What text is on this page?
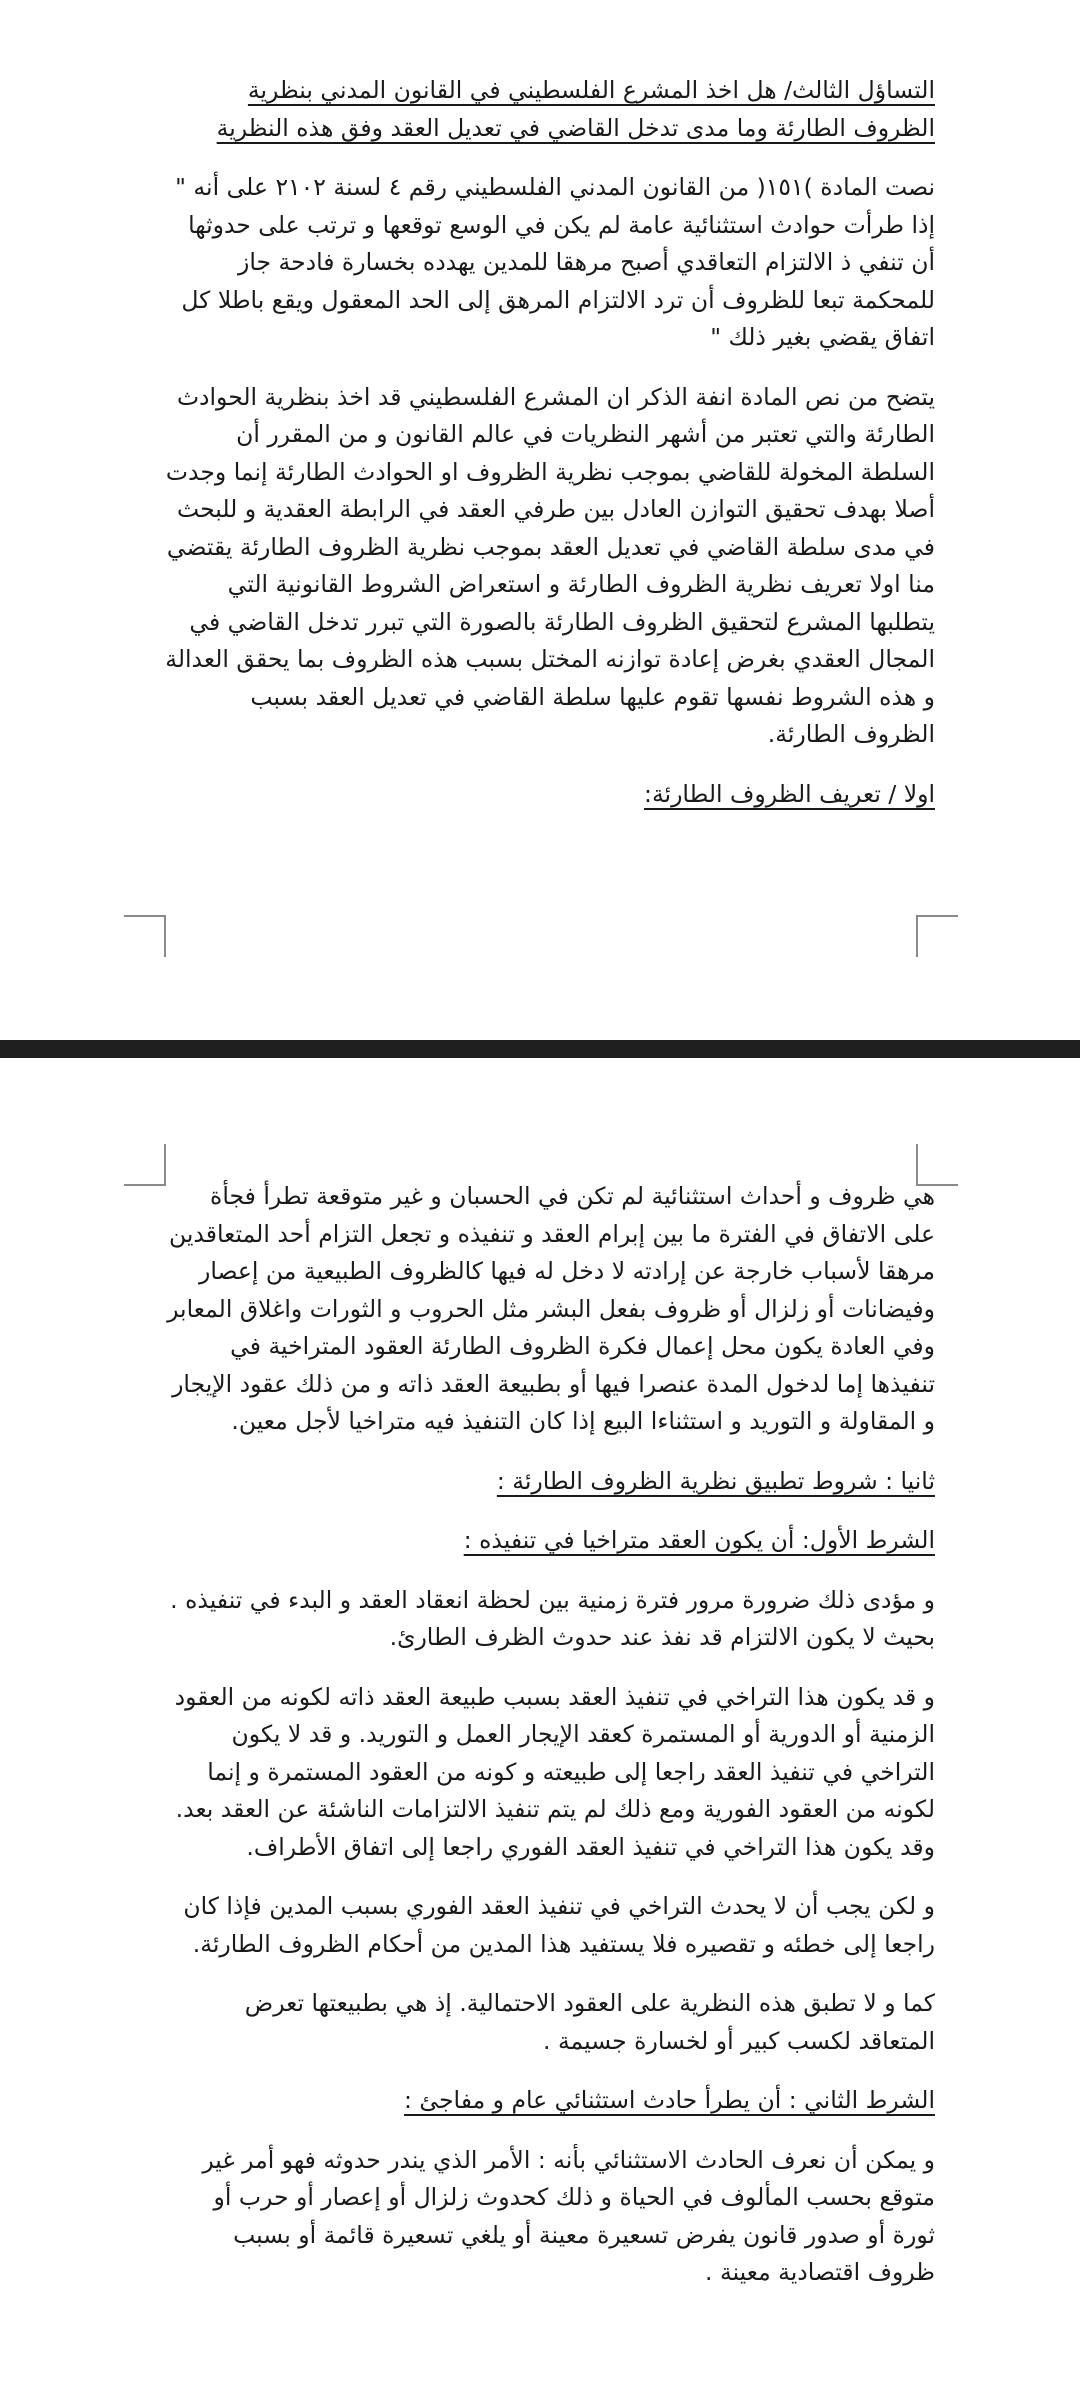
التساؤل الثالث/ هل اخذ المشرع الفلسطيني في القانون المدني بنظرية الظروف الطارئة وما مدى تدخل القاضي في تعديل العقد وفق هذه النظرية

نصت المادة )١٥١( من القانون المدني الفلسطيني رقم ٤ لسنة ٢١٠٢ على أنه " إذا طرأت حوادث استثنائية عامة لم يكن في الوسع توقعها و ترتب على حدوثها أن تنفي ذ الالتزام التعاقدي أصبح مرهقا للمدين يهدده بخسارة فادحة جاز للمحكمة تبعا للظروف أن ترد الالتزام المرهق إلى الحد المعقول ويقع باطلا كل اتفاق يقضي بغير ذلك "

يتضح من نص المادة انفة الذكر ان المشرع الفلسطيني قد اخذ بنظرية الحوادث الطارئة والتي تعتبر من أشهر النظريات في عالم القانون و من المقرر أن السلطة المخولة للقاضي بموجب نظرية الظروف او الحوادث الطارئة إنما وجدت أصلا بهدف تحقيق التوازن العادل بين طرفي العقد في الرابطة العقدية و للبحث في مدى سلطة القاضي في تعديل العقد بموجب نظرية الظروف الطارئة يقتضي منا اولا تعريف نظرية الظروف الطارئة و استعراض الشروط القانونية التي يتطلبها المشرع لتحقيق الظروف الطارئة بالصورة التي تبرر تدخل القاضي في المجال العقدي بغرض إعادة توازنه المختل بسبب هذه الظروف بما يحقق العدالة و هذه الشروط نفسها تقوم عليها سلطة القاضي في تعديل العقد بسبب الظروف الطارئة.

اولا / تعريف الظروف الطارئة:

هي ظروف و أحداث استثنائية لم تكن في الحسبان و غير متوقعة تطرأ فجأة على الاتفاق في الفترة ما بين إبرام العقد و تنفيذه و تجعل التزام أحد المتعاقدين مرهقا لأسباب خارجة عن إرادته لا دخل له فيها كالظروف الطبيعية من إعصار وفيضانات أو زلزال أو ظروف بفعل البشر مثل الحروب و الثورات واغلاق المعابر وفي العادة يكون محل إعمال فكرة الظروف الطارئة العقود المتراخية في تنفيذها إما لدخول المدة عنصرا فيها أو بطبيعة العقد ذاته و من ذلك عقود الإيجار و المقاولة و التوريد و استثناءا البيع إذا كان التنفيذ فيه متراخيا لأجل معين.

ثانيا : شروط تطبيق نظرية الظروف الطارئة :

الشرط الأول: أن يكون العقد متراخيا في تنفيذه :

و مؤدى ذلك ضرورة مرور فترة زمنية بين لحظة انعقاد العقد و البدء في تنفيذه . بحيث لا يكون الالتزام قد نفذ عند حدوث الظرف الطارئ.

و قد يكون هذا التراخي في تنفيذ العقد بسبب طبيعة العقد ذاته لكونه من العقود الزمنية أو الدورية أو المستمرة كعقد الإيجار العمل و التوريد. و قد لا يكون التراخي في تنفيذ العقد راجعا إلى طبيعته و كونه من العقود المستمرة و إنما لكونه من العقود الفورية ومع ذلك لم يتم تنفيذ الالتزامات الناشئة عن العقد بعد. وقد يكون هذا التراخي في تنفيذ العقد الفوري راجعا إلى اتفاق الأطراف.

و لكن يجب أن لا يحدث التراخي في تنفيذ العقد الفوري بسبب المدين فإذا كان راجعا إلى خطئه و تقصيره فلا يستفيد هذا المدين من أحكام الظروف الطارئة.

كما و لا تطبق هذه النظرية على العقود الاحتمالية. إذ هي بطبيعتها تعرض المتعاقد لكسب كبير أو لخسارة جسيمة .

الشرط الثاني : أن يطرأ حادث استثنائي عام و مفاجئ :

و يمكن أن نعرف الحادث الاستثنائي بأنه : الأمر الذي يندر حدوثه فهو أمر غير متوقع بحسب المألوف في الحياة و ذلك كحدوث زلزال أو إعصار أو حرب أو ثورة أو صدور قانون يفرض تسعيرة معينة أو يلغي تسعيرة قائمة أو بسبب ظروف اقتصادية معينة .
